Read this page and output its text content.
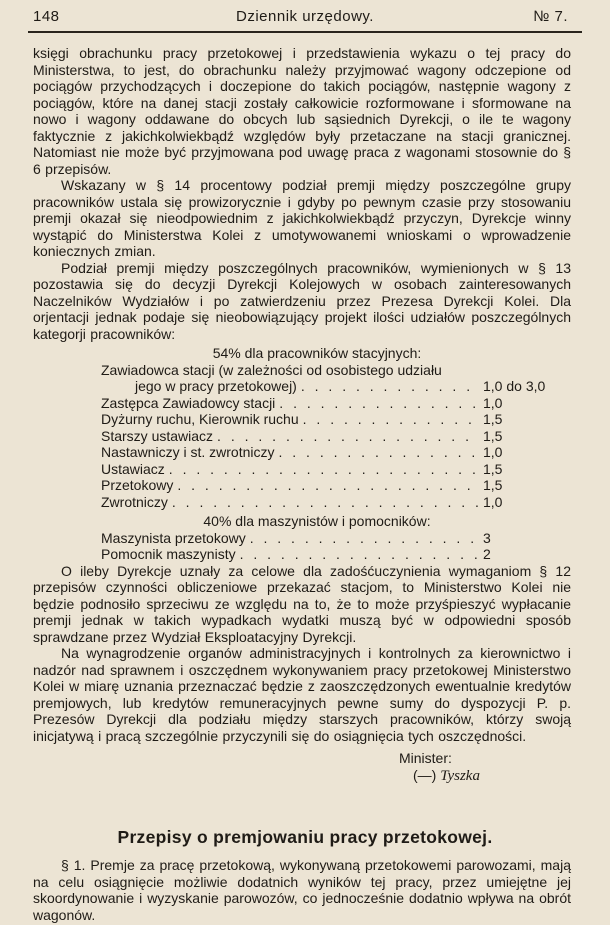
148	Dziennik urzędowy.	№ 7.

księgi obrachunku pracy przetokowej i przedstawienia wykazu o tej pracy do Ministerstwa, to jest, do obrachunku należy przyjmować wagony odczepione od pociągów przychodzących i doczepione do takich pociągów, następnie wagony z pociągów, które na danej stacji zostały całkowicie rozformowane i sformowane na nowo i wagony oddawane do obcych lub sąsiednich Dyrekcji, o ile te wagony faktycznie z jakichkolwiekbądź względów były przetaczane na stacji granicznej. Natomiast nie może być przyjmowana pod uwagę praca z wagonami stosownie do § 6 przepisów.

Wskazany w § 14 procentowy podział premji między poszczególne grupy pracowników ustala się prowizorycznie i gdyby po pewnym czasie przy stosowaniu premji okazał się nieodpowiednim z jakichkolwiekbądź przyczyn, Dyrekcje winny wystąpić do Ministerstwa Kolei z umotywowanemi wnioskami o wprowadzenie koniecznych zmian.

Podział premji między poszczególnych pracowników, wymienionych w § 13 pozostawia się do decyzji Dyrekcji Kolejowych w osobach zainteresowanych Naczelników Wydziałów i po zatwierdzeniu przez Prezesa Dyrekcji Kolei. Dla orjentacji jednak podaje się nieobowiązujący projekt ilości udziałów poszczególnych kategorji pracowników:

54% dla pracowników stacyjnych:
Zawiadowca stacji (w zależności od osobistego udziału
jego w pracy przetokowej) . . .	1,0 do 3,0
Zastępca Zawiadowcy stacji . . .	1,0
Dyżurny ruchu, Kierownik ruchu . . .	1,5
Starszy ustawiacz . . .	1,5
Nastawniczy i st. zwrotniczy . . .	1,0
Ustawiacz . . .	1,5
Przetokowy . . .	1,5
Zwrotniczy . . .	1,0
40% dla maszynistów i pomocników:
Maszynista przetokowy . . .	3
Pomocnik maszynisty . . .	2

O ileby Dyrekcje uznały za celowe dla zadośćuczynienia wymaganiom § 12 przepisów czynności obliczeniowe przekazać stacjom, to Ministerstwo Kolei nie będzie podnosiło sprzeciwu ze względu na to, że to może przyśpieszyć wypłacanie premji jednak w takich wypadkach wydatki muszą być w odpowiedni sposób sprawdzane przez Wydział Eksploatacyjny Dyrekcji.

Na wynagrodzenie organów administracyjnych i kontrolnych za kierownictwo i nadzór nad sprawnem i oszczędnem wykonywaniem pracy przetokowej Ministerstwo Kolei w miarę uznania przeznaczać będzie z zaoszczędzonych ewentualnie kredytów premjowych, lub kredytów remuneracyjnych pewne sumy do dyspozycji P. p. Prezesów Dyrekcji dla podziału między starszych pracowników, którzy swoją inicjatywą i pracą szczególnie przyczynili się do osiągnięcia tych oszczędności.

Minister:
(—) Tyszka
Przepisy o premjowaniu pracy przetokowej.

§ 1. Premje za pracę przetokową, wykonywaną przetokowemi parowozami, mają na celu osiągnięcie możliwie dodatnich wyników tej pracy, przez umiejętne jej skoordynowanie i wyzyskanie parowozów, co jednocześnie dodatnio wpływa na obrót wagonów.
